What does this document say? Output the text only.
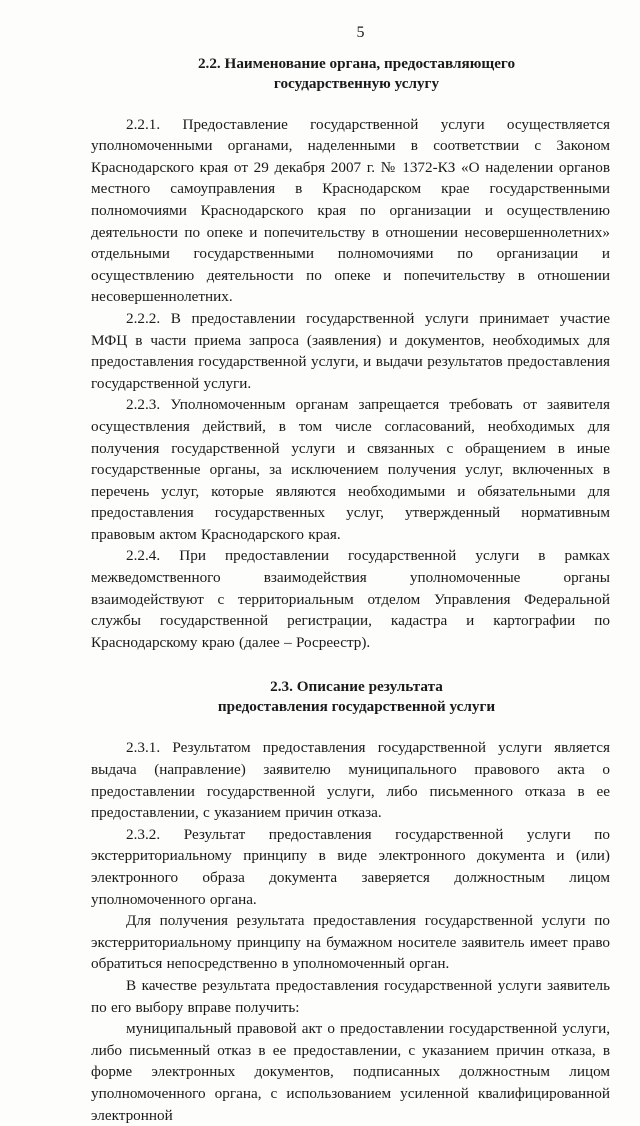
5
2.2. Наименование органа, предоставляющего
государственную услугу

2.2.1. Предоставление государственной услуги осуществляется уполномоченными органами, наделенными в соответствии с Законом Краснодарского края от 29 декабря 2007 г. № 1372-КЗ «О наделении органов местного самоуправления в Краснодарском крае государственными полномочиями Краснодарского края по организации и осуществлению деятельности по опеке и попечительству в отношении несовершеннолетних» отдельными государственными полномочиями по организации и осуществлению деятельности по опеке и попечительству в отношении несовершеннолетних.

2.2.2. В предоставлении государственной услуги принимает участие МФЦ в части приема запроса (заявления) и документов, необходимых для предоставления государственной услуги, и выдачи результатов предоставления государственной услуги.

2.2.3. Уполномоченным органам запрещается требовать от заявителя осуществления действий, в том числе согласований, необходимых для получения государственной услуги и связанных с обращением в иные государственные органы, за исключением получения услуг, включенных в перечень услуг, которые являются необходимыми и обязательными для предоставления государственных услуг, утвержденный нормативным правовым актом Краснодарского края.

2.2.4. При предоставлении государственной услуги в рамках межведомственного взаимодействия уполномоченные органы взаимодействуют с территориальным отделом Управления Федеральной службы государственной регистрации, кадастра и картографии по Краснодарскому краю (далее – Росреестр).

2.3. Описание результата
предоставления государственной услуги

2.3.1. Результатом предоставления государственной услуги является выдача (направление) заявителю муниципального правового акта о предоставлении государственной услуги, либо письменного отказа в ее предоставлении, с указанием причин отказа.

2.3.2. Результат предоставления государственной услуги по экстерриториальному принципу в виде электронного документа и (или) электронного образа документа заверяется должностным лицом уполномоченного органа.

Для получения результата предоставления государственной услуги по экстерриториальному принципу на бумажном носителе заявитель имеет право обратиться непосредственно в уполномоченный орган.

В качестве результата предоставления государственной услуги заявитель по его выбору вправе получить:

муниципальный правовой акт о предоставлении государственной услуги, либо письменный отказ в ее предоставлении, с указанием причин отказа, в форме электронных документов, подписанных должностным лицом уполномоченного органа, с использованием усиленной квалифицированной электронной
